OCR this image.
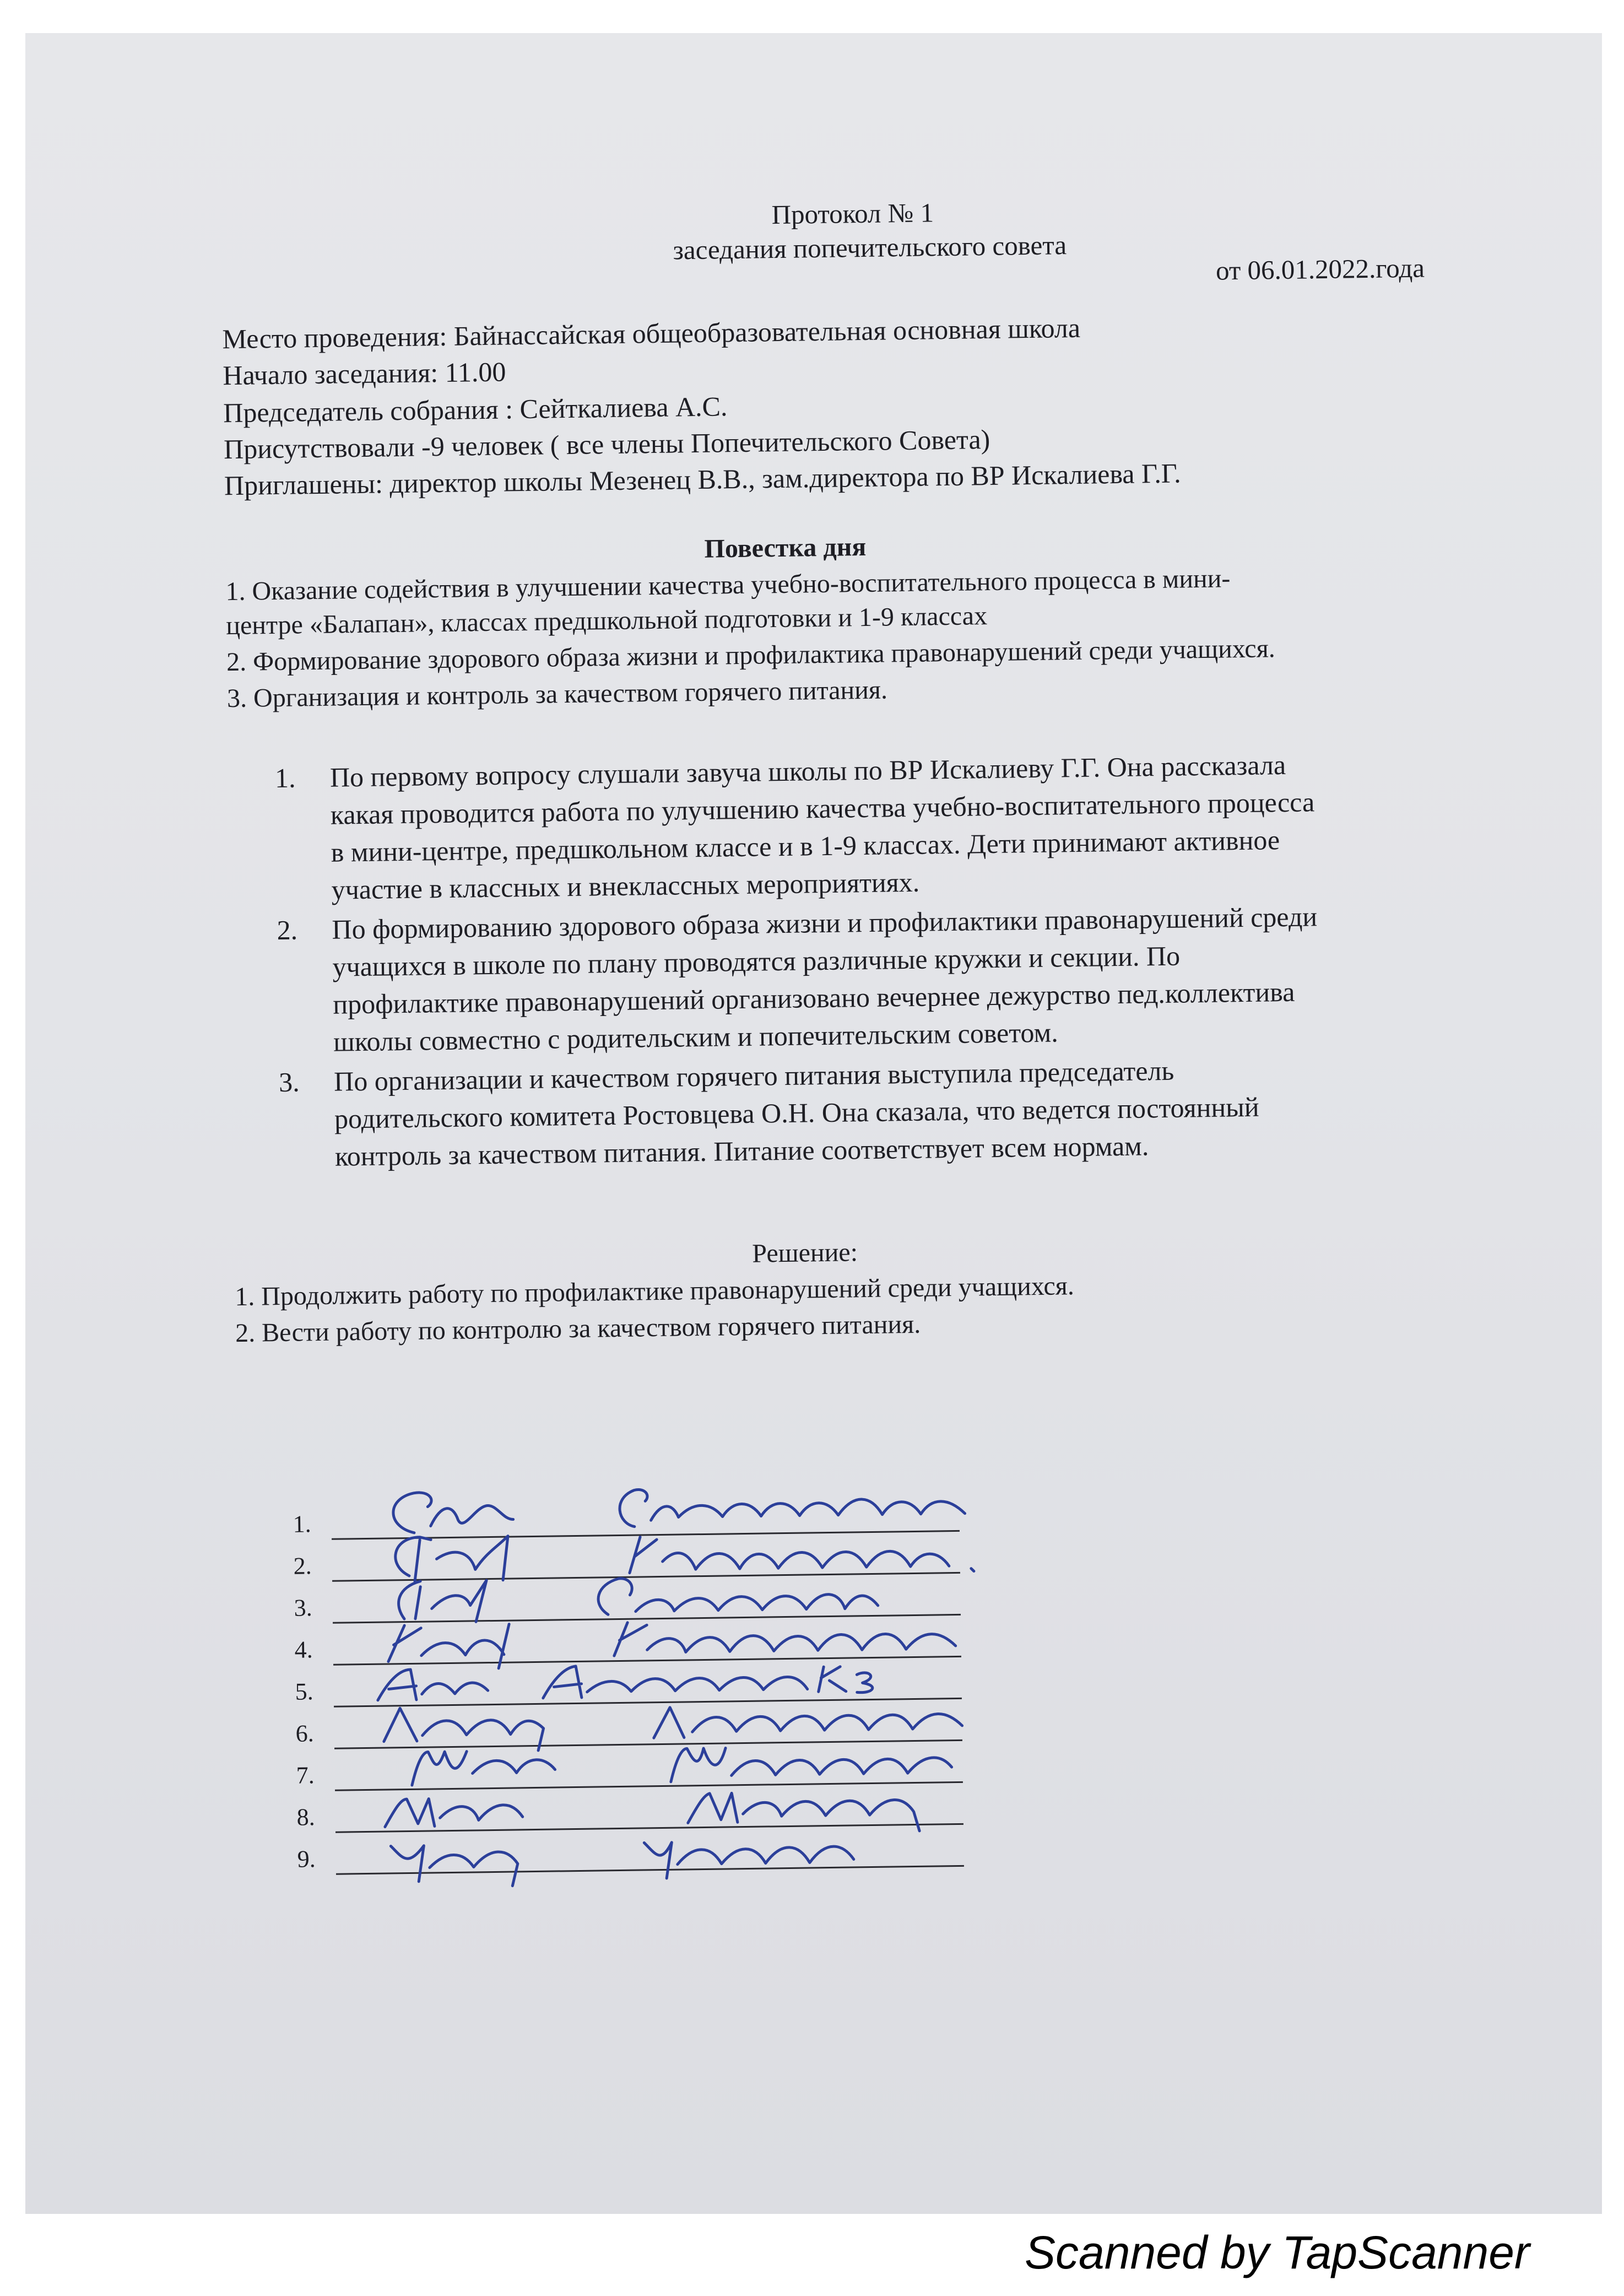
Протокол № 1
заседания попечительского совета
от 06.01.2022.года
Место проведения: Байнассайская общеобразовательная основная школа
Начало заседания: 11.00
Председатель собрания : Сейткалиева А.С.
Присутствовали -9 человек ( все члены Попечительского Совета)
Приглашены: директор школы Мезенец В.В., зам.директора по ВР Искалиева Г.Г.
Повестка дня
1. Оказание содействия в улучшении качества учебно-воспитательного процесса в мини-
центре «Балапан», классах предшкольной подготовки и 1-9 классах
2. Формирование здорового образа жизни и профилактика правонарушений среди учащихся.
3. Организация и контроль за качеством горячего питания.
1. По первому вопросу слушали завуча школы по ВР Искалиеву Г.Г. Она рассказала
какая проводится работа по улучшению качества учебно-воспитательного процесса
в мини-центре, предшкольном классе и в 1-9 классах. Дети принимают активное
участие в классных и внеклассных мероприятиях.
2. По формированию здорового образа жизни и профилактики правонарушений среди
учащихся в школе по плану проводятся различные кружки и секции. По
профилактике правонарушений организовано вечернее дежурство пед.коллектива
школы совместно с родительским и попечительским советом.
3. По организации и качеством горячего питания выступила председатель
родительского комитета Ростовцева О.Н. Она сказала, что ведется постоянный
контроль за качеством питания. Питание соответствует всем нормам.
Решение:
1. Продолжить работу по профилактике правонарушений среди учащихся.
2. Вести работу по контролю за качеством горячего питания.
1.
2.
3.
4.
5.
6.
7.
8.
9.
Scanned by TapScanner
